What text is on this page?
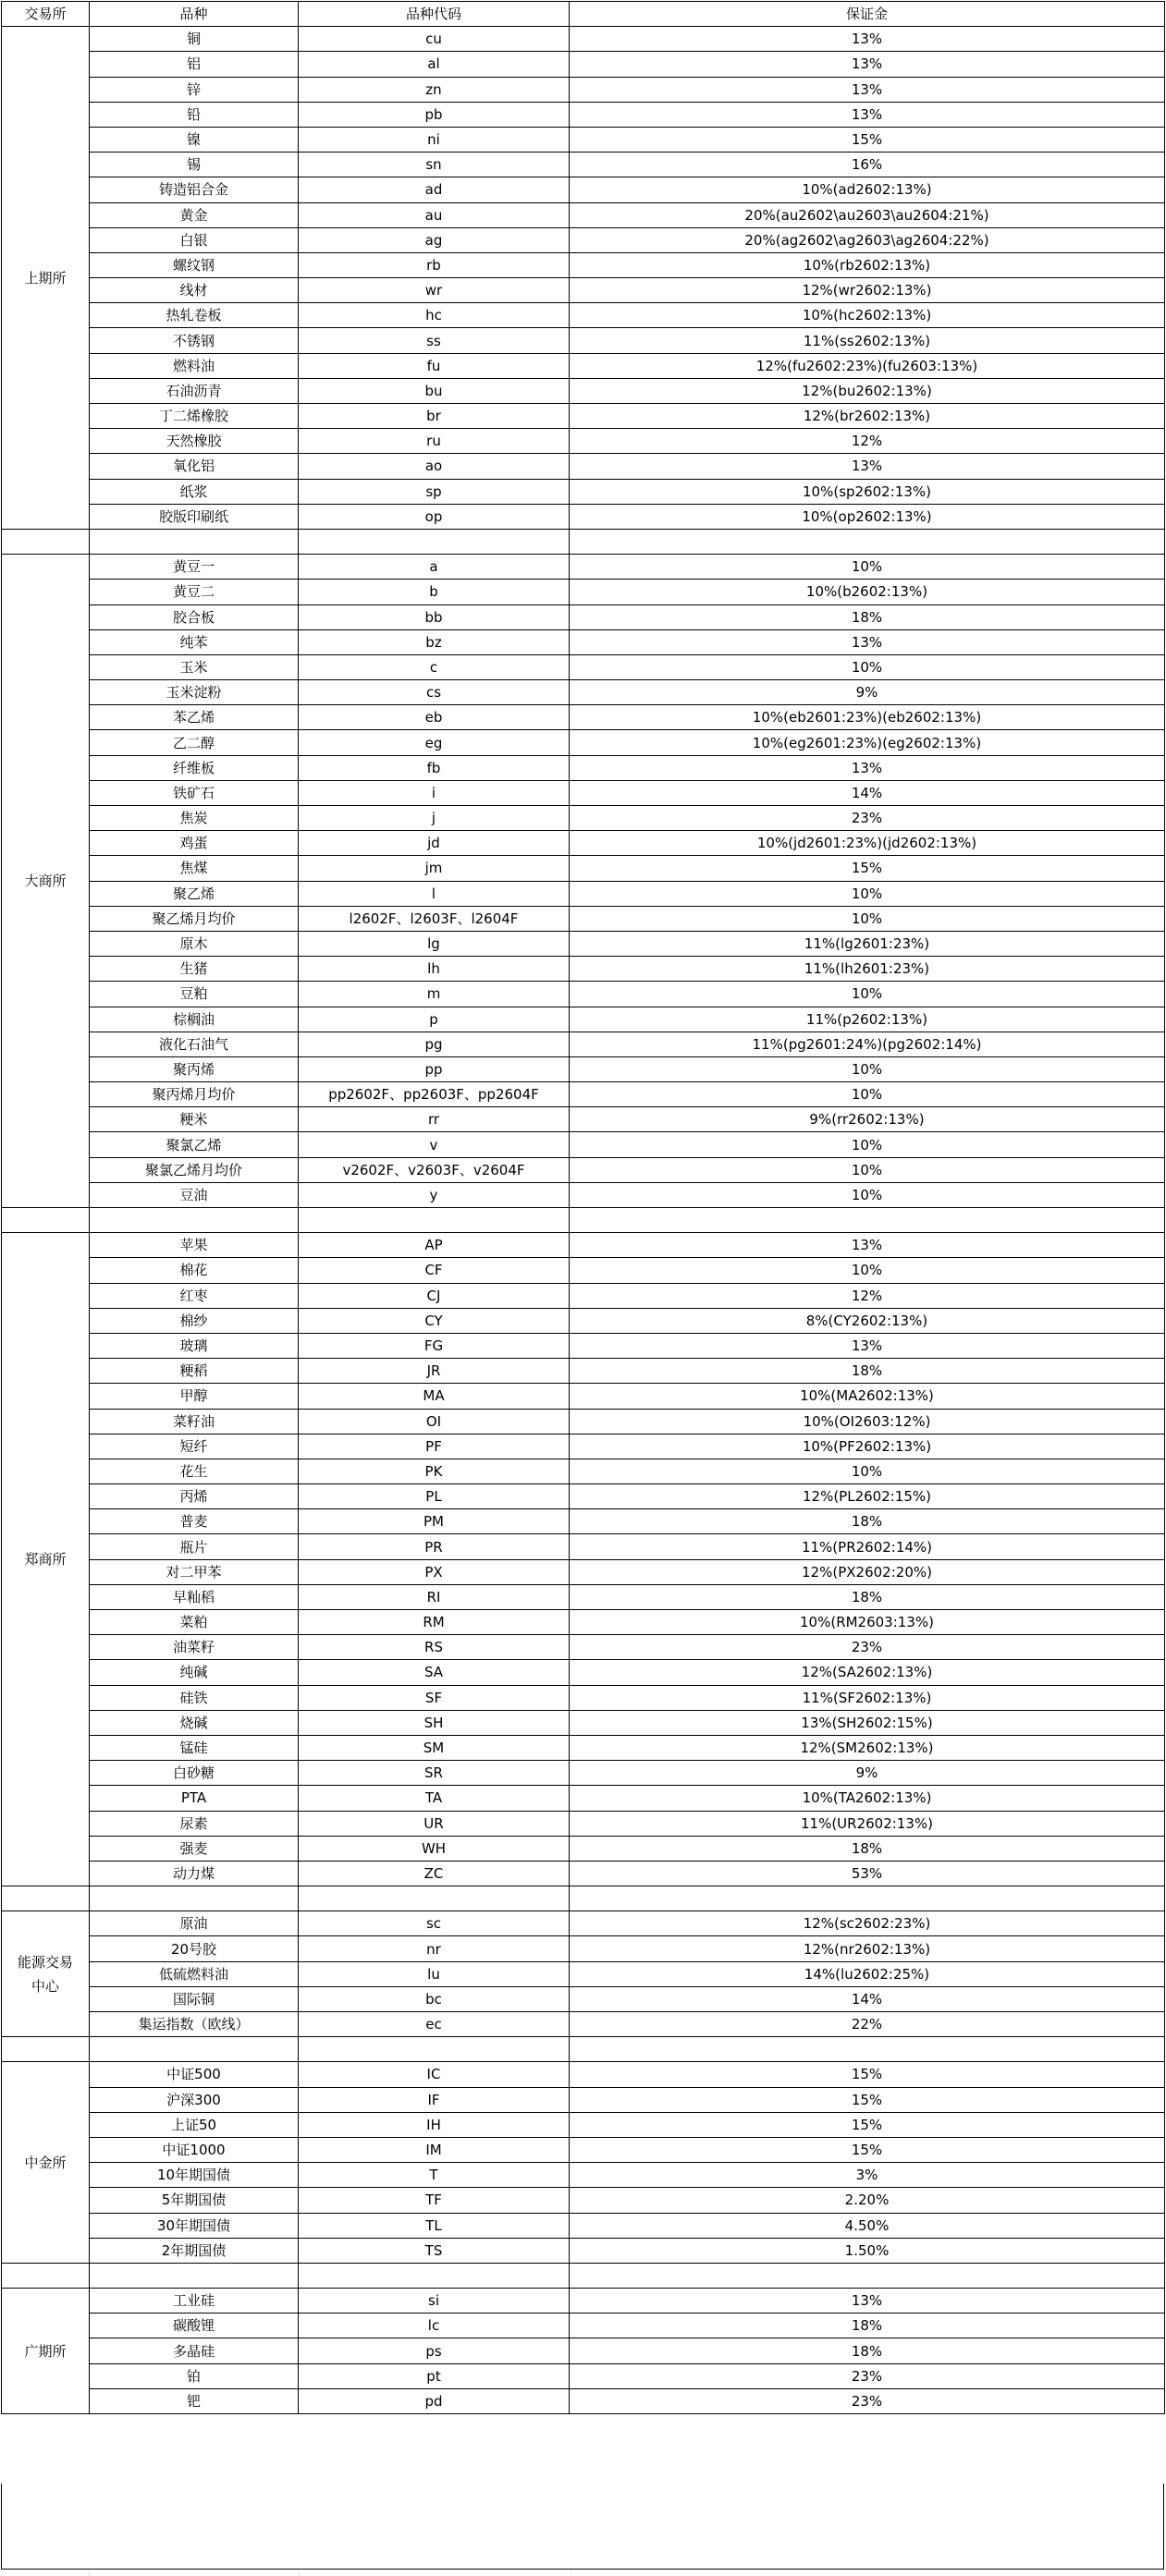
交易所	品种	品种代码	保证金
上期所	铜	cu	13%
	铝	al	13%
	锌	zn	13%
	铅	pb	13%
	镍	ni	15%
	锡	sn	16%
	铸造铝合金	ad	10%(ad2602:13%)
	黄金	au	20%(au2602\au2603\au2604:21%)
	白银	ag	20%(ag2602\ag2603\ag2604:22%)
	螺纹钢	rb	10%(rb2602:13%)
	线材	wr	12%(wr2602:13%)
	热轧卷板	hc	10%(hc2602:13%)
	不锈钢	ss	11%(ss2602:13%)
	燃料油	fu	12%(fu2602:23%)(fu2603:13%)
	石油沥青	bu	12%(bu2602:13%)
	丁二烯橡胶	br	12%(br2602:13%)
	天然橡胶	ru	12%
	氧化铝	ao	13%
	纸浆	sp	10%(sp2602:13%)
	胶版印刷纸	op	10%(op2602:13%)

大商所	黄豆一	a	10%
	黄豆二	b	10%(b2602:13%)
	胶合板	bb	18%
	纯苯	bz	13%
	玉米	c	10%
	玉米淀粉	cs	9%
	苯乙烯	eb	10%(eb2601:23%)(eb2602:13%)
	乙二醇	eg	10%(eg2601:23%)(eg2602:13%)
	纤维板	fb	13%
	铁矿石	i	14%
	焦炭	j	23%
	鸡蛋	jd	10%(jd2601:23%)(jd2602:13%)
	焦煤	jm	15%
	聚乙烯	l	10%
	聚乙烯月均价	l2602F、l2603F、l2604F	10%
	原木	lg	11%(lg2601:23%)
	生猪	lh	11%(lh2601:23%)
	豆粕	m	10%
	棕榈油	p	11%(p2602:13%)
	液化石油气	pg	11%(pg2601:24%)(pg2602:14%)
	聚丙烯	pp	10%
	聚丙烯月均价	pp2602F、pp2603F、pp2604F	10%
	粳米	rr	9%(rr2602:13%)
	聚氯乙烯	v	10%
	聚氯乙烯月均价	v2602F、v2603F、v2604F	10%
	豆油	y	10%

郑商所	苹果	AP	13%
	棉花	CF	10%
	红枣	CJ	12%
	棉纱	CY	8%(CY2602:13%)
	玻璃	FG	13%
	粳稻	JR	18%
	甲醇	MA	10%(MA2602:13%)
	菜籽油	OI	10%(OI2603:12%)
	短纤	PF	10%(PF2602:13%)
	花生	PK	10%
	丙烯	PL	12%(PL2602:15%)
	普麦	PM	18%
	瓶片	PR	11%(PR2602:14%)
	对二甲苯	PX	12%(PX2602:20%)
	早籼稻	RI	18%
	菜粕	RM	10%(RM2603:13%)
	油菜籽	RS	23%
	纯碱	SA	12%(SA2602:13%)
	硅铁	SF	11%(SF2602:13%)
	烧碱	SH	13%(SH2602:15%)
	锰硅	SM	12%(SM2602:13%)
	白砂糖	SR	9%
	PTA	TA	10%(TA2602:13%)
	尿素	UR	11%(UR2602:13%)
	强麦	WH	18%
	动力煤	ZC	53%

能源交易
中心	原油	sc	12%(sc2602:23%)
	20号胶	nr	12%(nr2602:13%)
	低硫燃料油	lu	14%(lu2602:25%)
	国际铜	bc	14%
	集运指数（欧线）	ec	22%

中金所	中证500	IC	15%
	沪深300	IF	15%
	上证50	IH	15%
	中证1000	IM	15%
	10年期国债	T	3%
	5年期国债	TF	2.20%
	30年期国债	TL	4.50%
	2年期国债	TS	1.50%

广期所	工业硅	si	13%
	碳酸锂	lc	18%
	多晶硅	ps	18%
	铂	pt	23%
	钯	pd	23%
